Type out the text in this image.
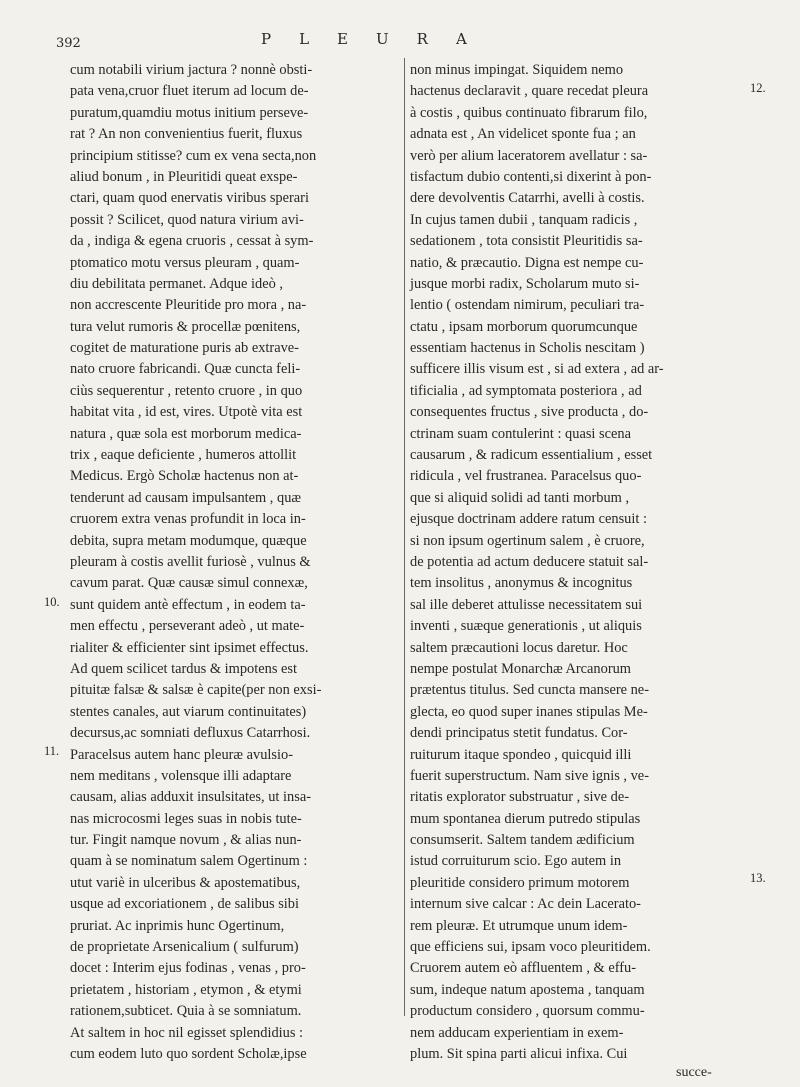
392	PLEURA
cum notabili virium jactura ? nonnè obsti-
pata vena,cruor fluet iterum ad locum de-
puratum,quamdiu motus initium perseve-
rat ? An non convenientius fuerit, fluxus
principium stitisse? cum ex vena secta,non
aliud bonum , in Pleuritidi queat exspe-
ctari, quam quod enervatis viribus sperari
possit ? Scilicet, quod natura virium avi-
da , indiga & egena cruoris , cessat à sym-
ptomatico motu versus pleuram , quam-
diu debilitata permanet. Adque ideò ,
non accrescente Pleuritide pro mora , na-
tura velut rumoris & procellæ pœnitens,
cogitet de maturatione puris ab extrave-
nato cruore fabricandi. Quæ cuncta feli-
ciùs sequerentur , retento cruore , in quo
habitat vita , id est, vires. Utpotè vita est
natura , quæ sola est morborum medica-
trix , eaque deficiente , humeros attollit
Medicus. Ergò Scholæ hactenus non at-
tenderunt ad causam impulsantem , quæ
cruorem extra venas profundit in loca in-
debita, supra metam modumque, quæque
pleuram à costis avellit furiosè , vulnus &
cavum parat. Quæ causæ simul connexæ,
sunt quidem antè effectum , in eodem ta-
men effectu , perseverant adeò , ut mate-
rialiter & efficienter sint ipsimet effectus.
Ad quem scilicet tardus & impotens est
pituitæ falsæ & salsæ è capite(per non exsi-
stentes canales, aut viarum continuitates)
decursus,ac somniati defluxus Catarrhosi.
Paracelsus autem hanc pleuræ avulsio-
nem meditans , volensque illi adaptare
causam, alias adduxit insulsitates, ut insa-
nas microcosmi leges suas in nobis tute-
tur. Fingit namque novum , & alias nun-
quam à se nominatum salem Ogertinum :
utut variè in ulceribus & apostematibus,
usque ad excoriationem , de salibus sibi
pruriat. Ac inprimis hunc Ogertinum,
de proprietate Arsenicalium ( sulfurum)
docet : Interim ejus fodinas , venas , pro-
prietatem , historiam , etymon , & etymi
rationem,subticet. Quia à se somniatum.
At saltem in hoc nil egisset splendidius :
cum eodem luto quo sordent Scholæ,ipse
non minus impingat. Siquidem nemo
hactenus declaravit , quare recedat pleura
à costis , quibus continuato fibrarum filo,
adnata est , An videlicet sponte fua ; an
verò per alium laceratorem avellatur : sa-
tisfactum dubio contenti,si dixerint à pon-
dere devolventis Catarrhi, avelli à costis.
In cujus tamen dubii , tanquam radicis ,
sedationem , tota consistit Pleuritidis sa-
natio, & præcautio. Digna est nempe cu-
jusque morbi radix, Scholarum muto si-
lentio ( ostendam nimirum, peculiari tra-
ctatu , ipsam morborum quorumcunque
essentiam hactenus in Scholis nescitam )
sufficere illis visum est , si ad extera , ad ar-
tificialia , ad symptomata posteriora , ad
consequentes fructus , sive producta , do-
ctrinam suam contulerint : quasi scena
causarum , & radicum essentialium , esset
ridicula , vel frustranea. Paracelsus quo-
que si aliquid solidi ad tanti morbum ,
ejusque doctrinam addere ratum censuit :
si non ipsum ogertinum salem , è cruore,
de potentia ad actum deducere statuit sal-
tem insolitus , anonymus & incognitus
sal ille deberet attulisse necessitatem sui
inventi , suæque generationis , ut aliquis
saltem præcautioni locus daretur. Hoc
nempe postulat Monarchæ Arcanorum
prætentus titulus. Sed cuncta mansere ne-
glecta, eo quod super inanes stipulas Me-
dendi principatus stetit fundatus. Cor-
ruiturum itaque spondeo , quicquid illi
fuerit superstructum. Nam sive ignis , ve-
ritatis explorator substruatur , sive de-
mum spontanea dierum putredo stipulas
consumserit. Saltem tandem ædificium
istud corruiturum scio. Ego autem in
pleuritide considero primum motorem
internum sive calcar : Ac dein Lacerato-
rem pleuræ. Et utrumque unum idem-
que efficiens sui, ipsam voco pleuritidem.
Cruorem autem eò affluentem , & effu-
sum, indeque natum apostema , tanquam
productum considero , quorsum commu-
nem adducam experientiam in exem-
plum. Sit spina parti alicui infixa. Cui
10.
11.
12.
13.
succe-
